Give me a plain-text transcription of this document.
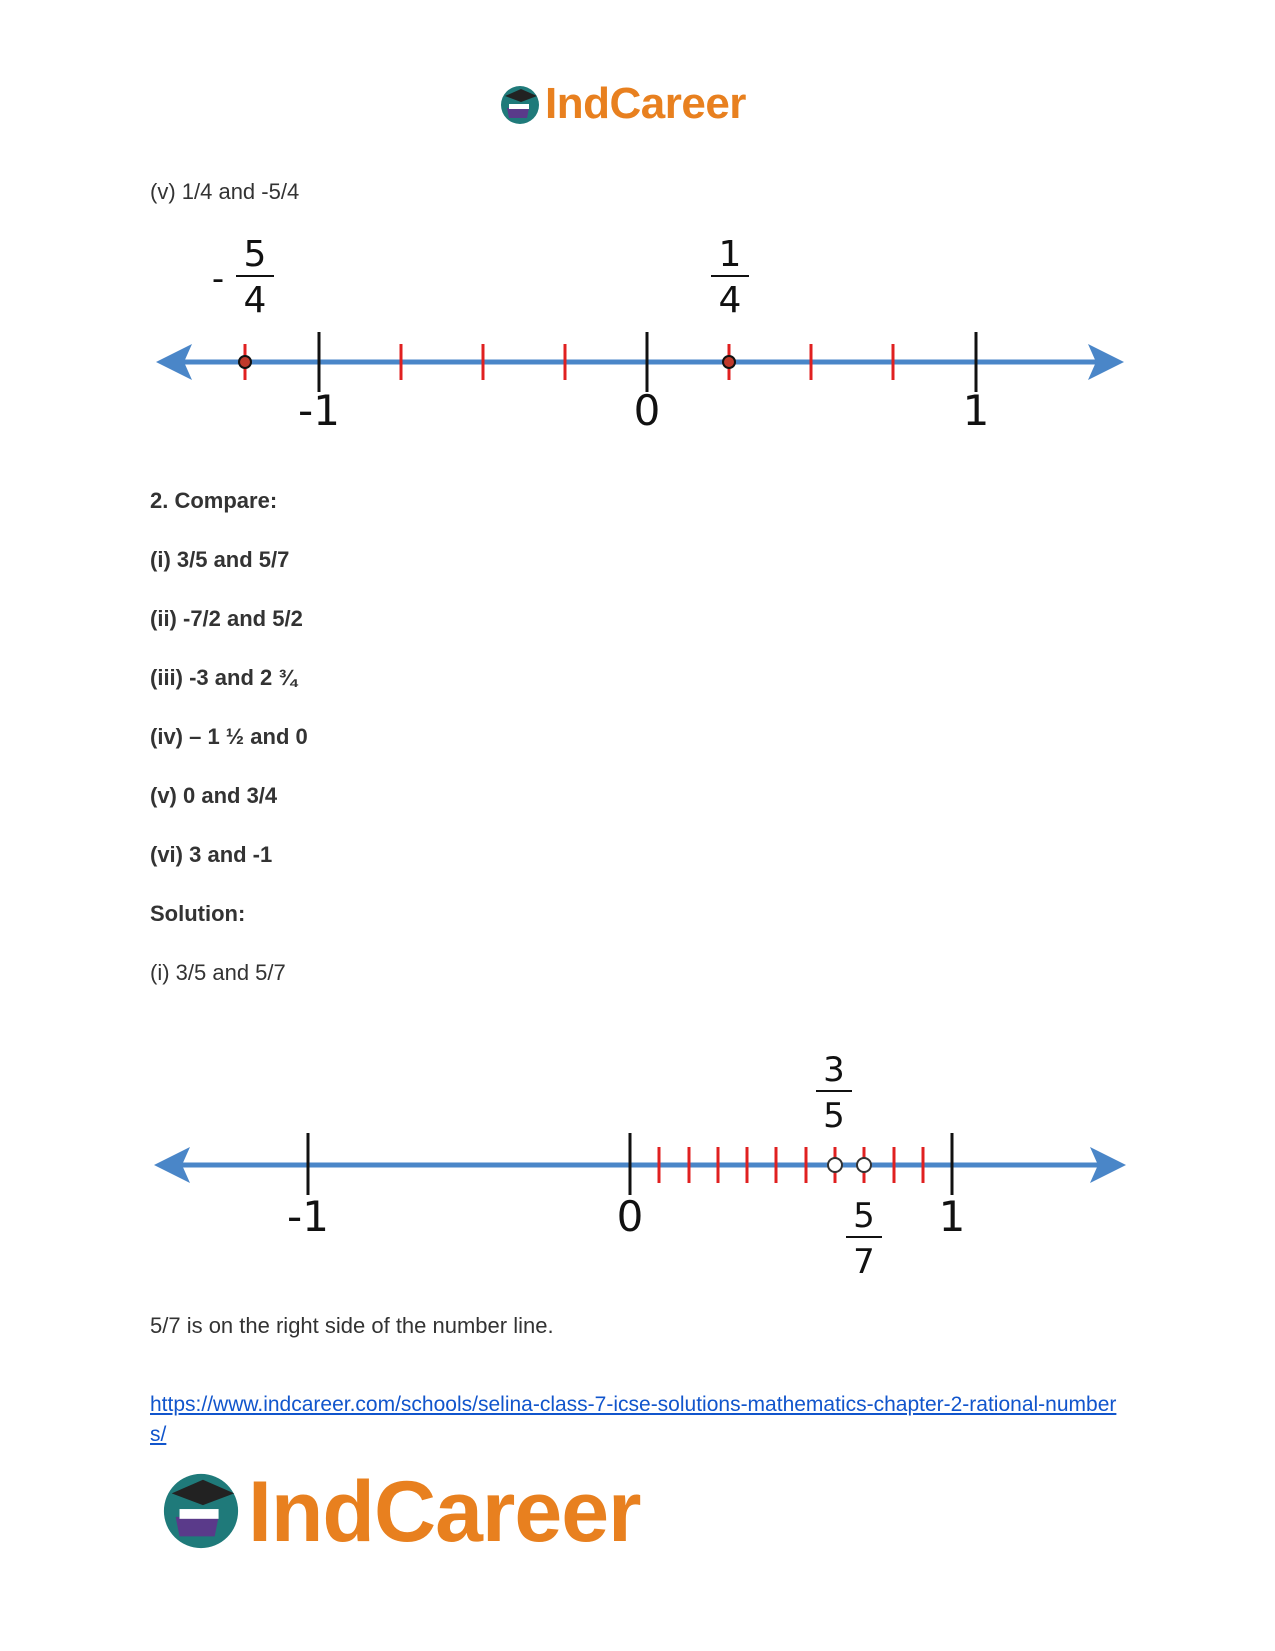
IndCareer

(v) 1/4 and -5/4

-
5
4
1
4
-1	0	1

2. Compare:

(i) 3/5 and 5/7

(ii) -7/2 and 5/2

(iii) -3 and 2 ¾

(iv) – 1 ½ and 0

(v) 0 and 3/4

(vi) 3 and -1

Solution:

(i) 3/5 and 5/7

3
5
5
7
-1	0	1

5/7 is on the right side of the number line.

https://www.indcareer.com/schools/selina-class-7-icse-solutions-mathematics-chapter-2-rational-numbers/
IndCareer
